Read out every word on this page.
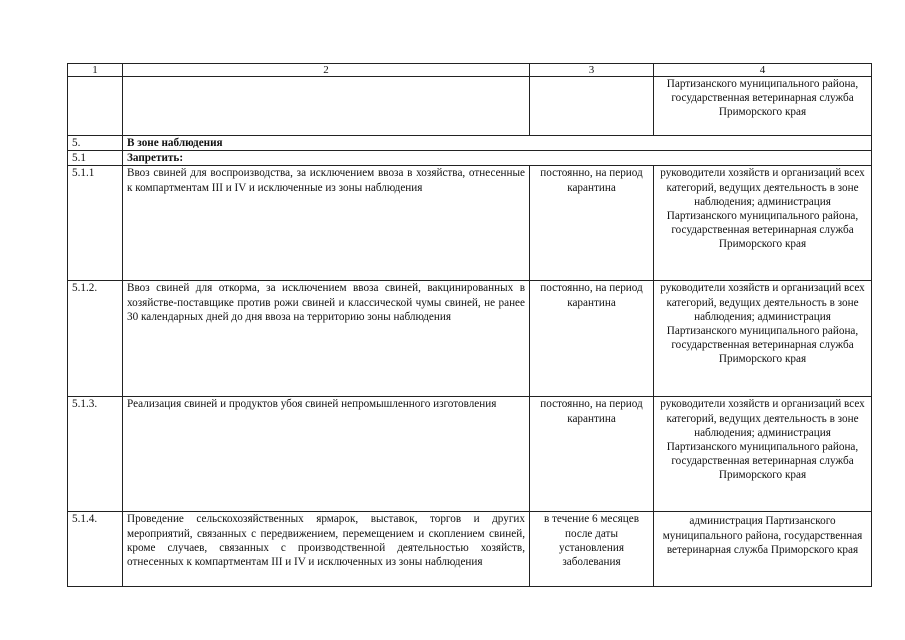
1	2	3	4
			Партизанского муниципального района, государственная ветеринарная служба Приморского края
5.	В зоне наблюдения		
5.1	Запретить:		
5.1.1	Ввоз свиней для воспроизводства, за исключением ввоза в хозяйства, отнесенные к компартментам III и IV и исключенные из зоны наблюдения	постоянно, на период карантина	руководители хозяйств и организаций всех категорий, ведущих деятельность в зоне наблюдения; администрация Партизанского муниципального района, государственная ветеринарная служба Приморского края
5.1.2.	Ввоз свиней для откорма, за исключением ввоза свиней, вакцинированных в хозяйстве-поставщике против рожи свиней и классической чумы свиней, не ранее 30 календарных дней до дня ввоза на территорию зоны наблюдения	постоянно, на период карантина	руководители хозяйств и организаций всех категорий, ведущих деятельность в зоне наблюдения; администрация Партизанского муниципального района, государственная ветеринарная служба Приморского края
5.1.3.	Реализация свиней и продуктов убоя свиней непромышленного изготовления	постоянно, на период карантина	руководители хозяйств и организаций всех категорий, ведущих деятельность в зоне наблюдения; администрация Партизанского муниципального района, государственная ветеринарная служба Приморского края
5.1.4.	Проведение сельскохозяйственных ярмарок, выставок, торгов и других мероприятий, связанных с передвижением, перемещением и скоплением свиней, кроме случаев, связанных с производственной деятельностью хозяйств, отнесенных к компартментам III и IV и исключенных из зоны наблюдения	в течение 6 месяцев после даты установления заболевания	администрация Партизанского муниципального района, государственная ветеринарная служба Приморского края
